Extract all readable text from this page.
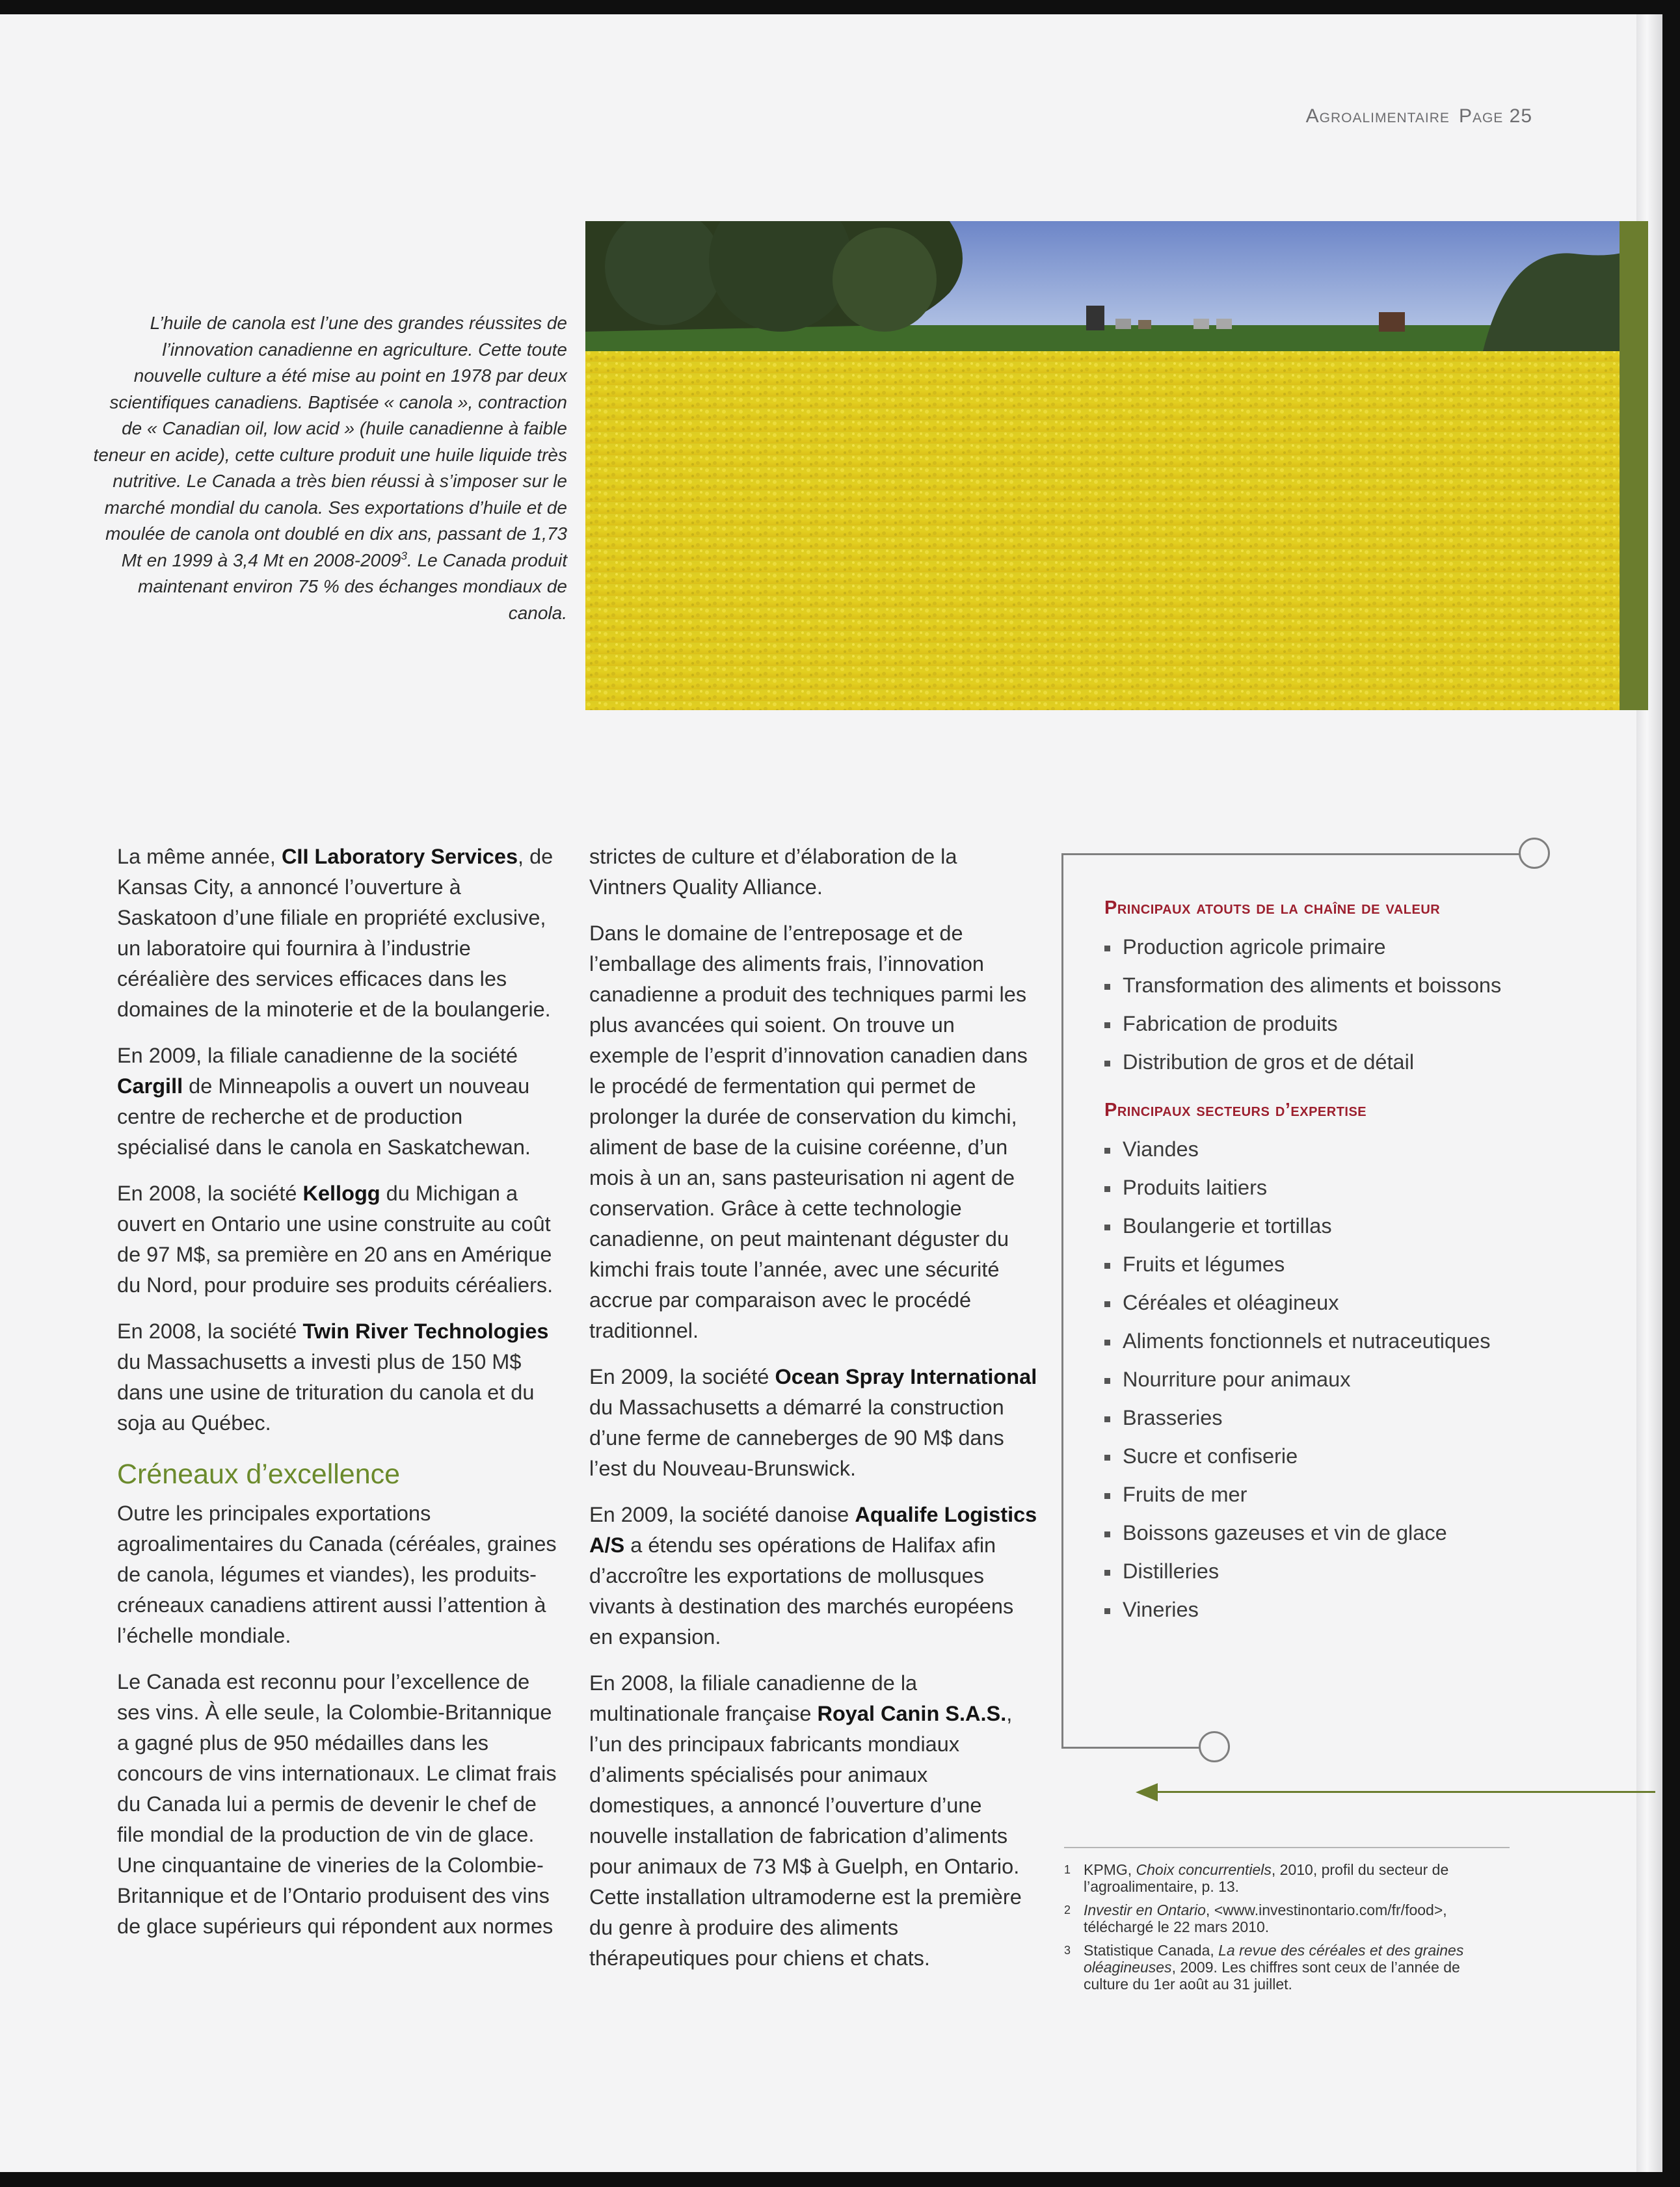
Agroalimentaire Page 25
L’huile de canola est l’une des grandes réussites de l’innovation canadienne en agriculture. Cette toute nouvelle culture a été mise au point en 1978 par deux scientifiques canadiens. Baptisée « canola », contraction de « Canadian oil, low acid » (huile canadienne à faible teneur en acide), cette culture produit une huile liquide très nutritive. Le Canada a très bien réussi à s’imposer sur le marché mondial du canola. Ses exportations d’huile et de moulée de canola ont doublé en dix ans, passant de 1,73 Mt en 1999 à 3,4 Mt en 2008-2009$^3$. Le Canada produit maintenant environ 75 % des échanges mondiaux de canola.

La même année, CII Laboratory Services, de Kansas City, a annoncé l’ouverture à Saskatoon d’une filiale en propriété exclusive, un laboratoire qui fournira à l’industrie céréalière des services efficaces dans les domaines de la minoterie et de la boulangerie.

En 2009, la filiale canadienne de la société Cargill de Minneapolis a ouvert un nouveau centre de recherche et de production spécialisé dans le canola en Saskatchewan.

En 2008, la société Kellogg du Michigan a ouvert en Ontario une usine construite au coût de 97 M$, sa première en 20 ans en Amérique du Nord, pour produire ses produits céréaliers.

En 2008, la société Twin River Technologies du Massachusetts a investi plus de 150 M$ dans une usine de trituration du canola et du soja au Québec.

Créneaux d’excellence

Outre les principales exportations agroalimentaires du Canada (céréales, graines de canola, légumes et viandes), les produits-créneaux canadiens attirent aussi l’attention à l’échelle mondiale.

Le Canada est reconnu pour l’excellence de ses vins. À elle seule, la Colombie-Britannique a gagné plus de 950 médailles dans les concours de vins internationaux. Le climat frais du Canada lui a permis de devenir le chef de file mondial de la production de vin de glace. Une cinquantaine de vineries de la Colombie-Britannique et de l’Ontario produisent des vins de glace supérieurs qui répondent aux normes

strictes de culture et d’élaboration de la Vintners Quality Alliance.

Dans le domaine de l’entreposage et de l’emballage des aliments frais, l’innovation canadienne a produit des techniques parmi les plus avancées qui soient. On trouve un exemple de l’esprit d’innovation canadien dans le procédé de fermentation qui permet de prolonger la durée de conservation du kimchi, aliment de base de la cuisine coréenne, d’un mois à un an, sans pasteurisation ni agent de conservation. Grâce à cette technologie canadienne, on peut maintenant déguster du kimchi frais toute l’année, avec une sécurité accrue par comparaison avec le procédé traditionnel.

En 2009, la société Ocean Spray International du Massachusetts a démarré la construction d’une ferme de canneberges de 90 M$ dans l’est du Nouveau-Brunswick.

En 2009, la société danoise Aqualife Logistics A/S a étendu ses opérations de Halifax afin d’accroître les exportations de mollusques vivants à destination des marchés européens en expansion.

En 2008, la filiale canadienne de la multinationale française Royal Canin S.A.S., l’un des principaux fabricants mondiaux d’aliments spécialisés pour animaux domestiques, a annoncé l’ouverture d’une nouvelle installation de fabrication d’aliments pour animaux de 73 M$ à Guelph, en Ontario. Cette installation ultramoderne est la première du genre à produire des aliments thérapeutiques pour chiens et chats.

Principaux atouts de la chaîne de valeur
Production agricole primaire
Transformation des aliments et boissons
Fabrication de produits
Distribution de gros et de détail
Principaux secteurs d’expertise
Viandes
Produits laitiers
Boulangerie et tortillas
Fruits et légumes
Céréales et oléagineux
Aliments fonctionnels et nutraceutiques
Nourriture pour animaux
Brasseries
Sucre et confiserie
Fruits de mer
Boissons gazeuses et vin de glace
Distilleries
Vineries
1 KPMG, Choix concurrentiels, 2010, profil du secteur de l’agroalimentaire, p. 13.
2 Investir en Ontario, <www.investinontario.com/fr/food>, téléchargé le 22 mars 2010.
3 Statistique Canada, La revue des céréales et des graines oléagineuses, 2009. Les chiffres sont ceux de l’année de culture du 1er août au 31 juillet.
